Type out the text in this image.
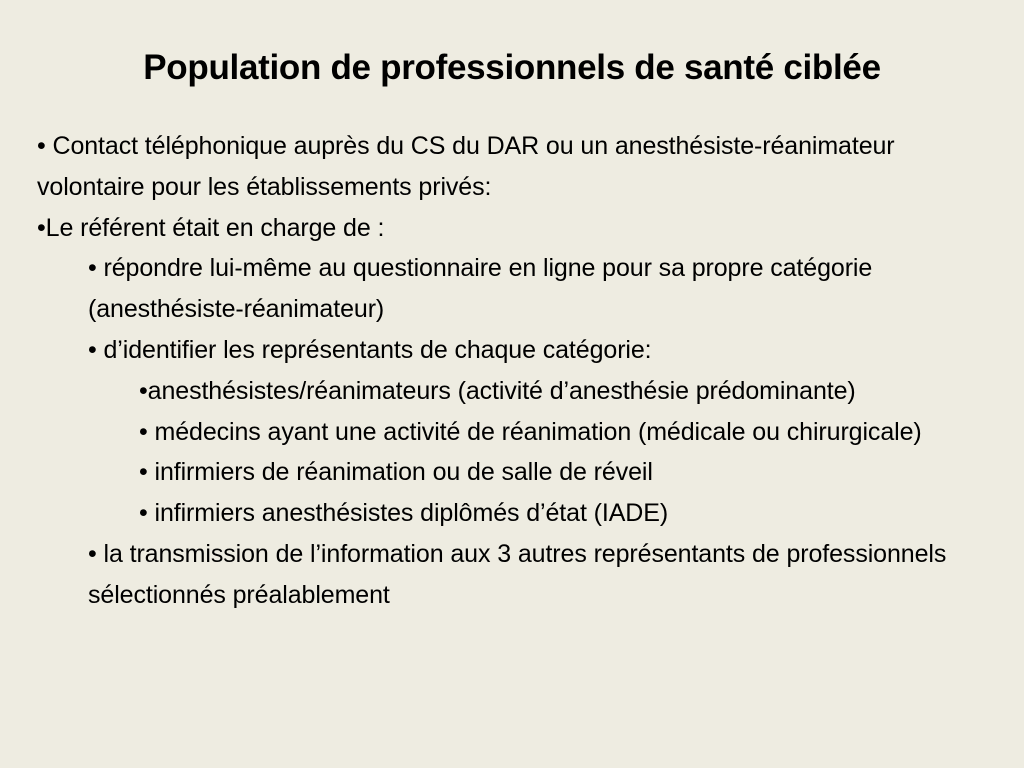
Population de professionnels de santé ciblée

• Contact téléphonique auprès du CS du DAR ou un anesthésiste-réanimateur volontaire pour les établissements privés:

•Le référent était en charge de :

• répondre lui-même au questionnaire en ligne pour sa propre catégorie (anesthésiste-réanimateur)

• d’identifier les représentants de chaque catégorie:

•anesthésistes/réanimateurs (activité d’anesthésie prédominante)

• médecins ayant une activité de réanimation (médicale ou chirurgicale)

• infirmiers de réanimation ou de salle de réveil

• infirmiers anesthésistes diplômés d’état (IADE)

• la transmission de l’information aux 3 autres représentants de professionnels sélectionnés préalablement
